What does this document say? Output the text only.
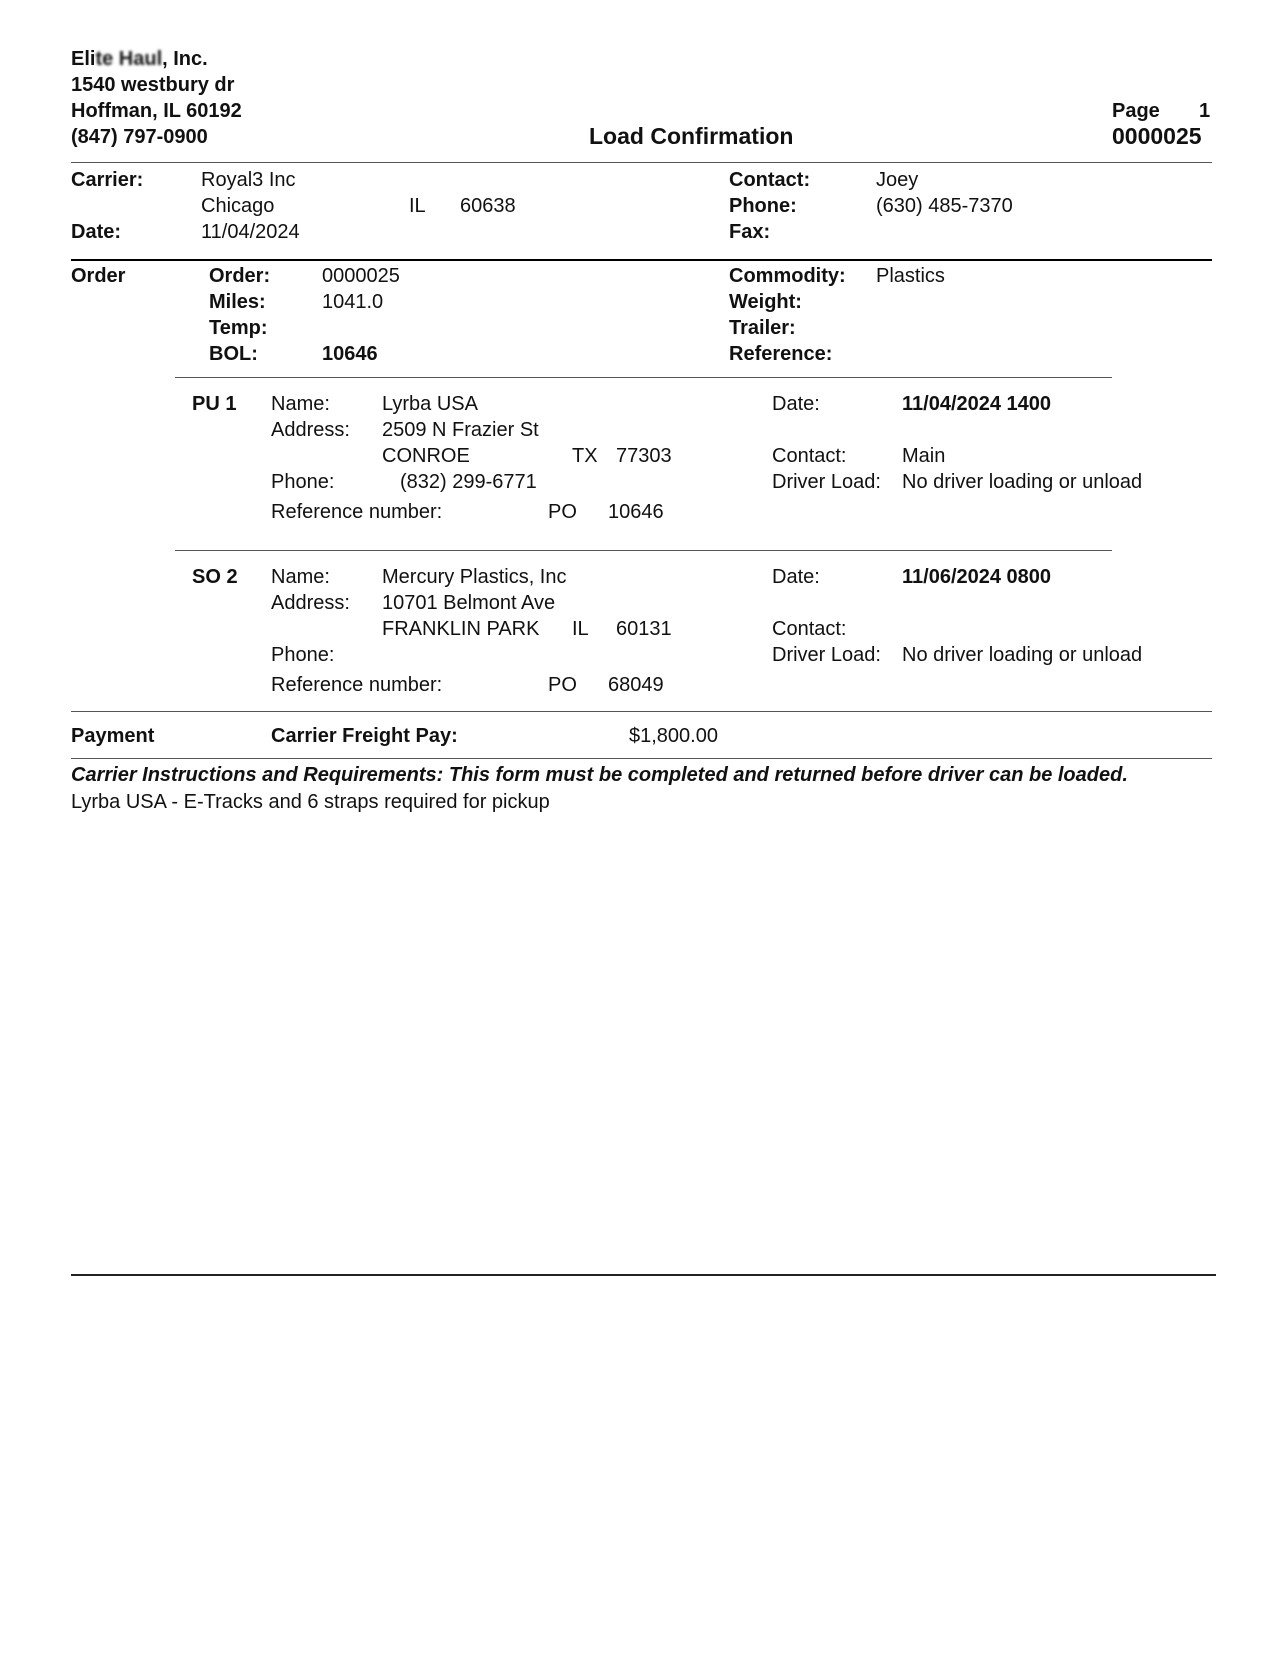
Elite Haul, Inc.
1540 westbury dr
Hoffman, IL 60192
(847) 797-0900	Load Confirmation
Page 1
0000025
Carrier:	Royal3 Inc
Chicago	IL 60638
Date:	11/04/2024
Contact:	Joey
Phone:	(630) 485-7370
Fax:
Order	Order:	0000025
Miles:	1041.0
Temp:
BOL:	10646
Commodity: Plastics
Weight:
Trailer:
Reference:
PU 1 Name:	Lyrba USA
Address: 2509 N Frazier St
CONROE	TX 77303
Phone:	(832) 299-6771
Reference number:	PO 10646
Date:	11/04/2024 1400
Contact:	Main
Driver Load: No driver loading or unload
SO 2 Name:	Mercury Plastics, Inc
Address: 10701 Belmont Ave
FRANKLIN PARK IL 60131
Phone:
Reference number:	PO 68049
Date:	11/06/2024 0800
Contact:
Driver Load: No driver loading or unload
Payment	Carrier Freight Pay:	$1,800.00
Carrier Instructions and Requirements: This form must be completed and returned before driver can be loaded.
Lyrba USA - E-Tracks and 6 straps required for pickup
